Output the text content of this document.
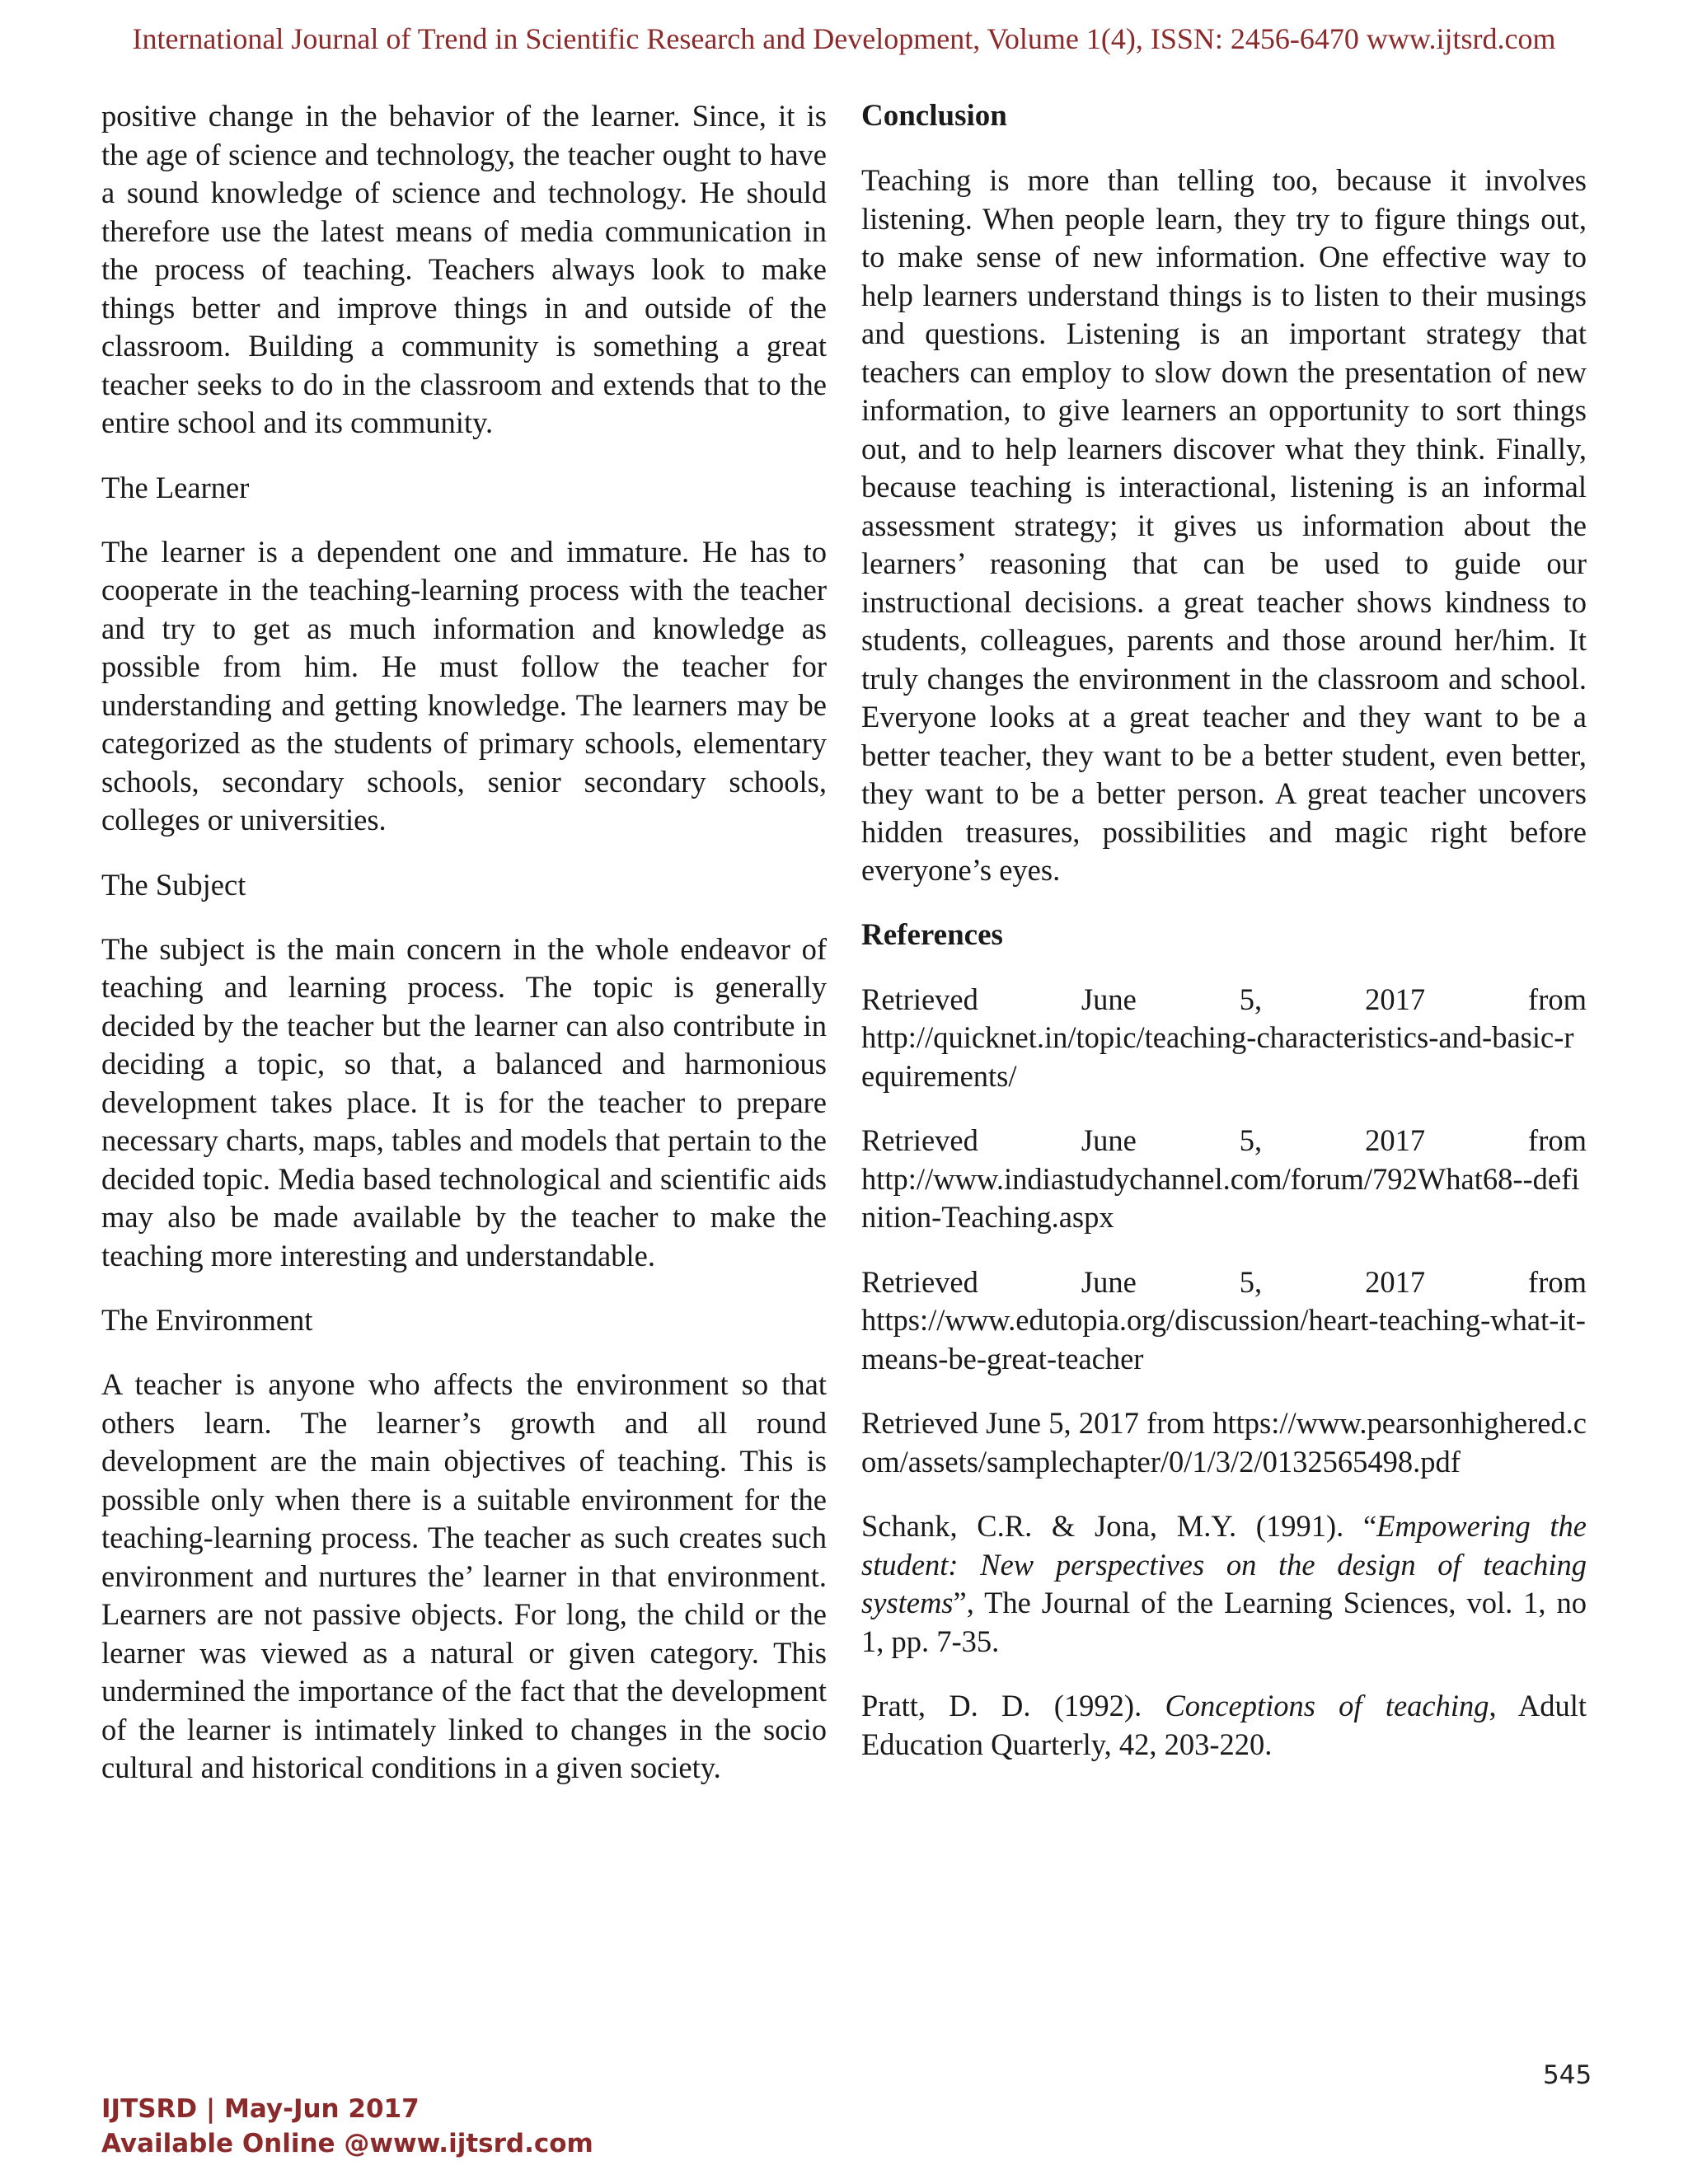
International Journal of Trend in Scientific Research and Development, Volume 1(4), ISSN: 2456-6470 www.ijtsrd.com

positive change in the behavior of the learner. Since, it is the age of science and technology, the teacher ought to have a sound knowledge of science and technology. He should therefore use the latest means of media communication in the process of teaching. Teachers always look to make things better and improve things in and outside of the classroom. Building a community is something a great teacher seeks to do in the classroom and extends that to the entire school and its community.

The Learner

The learner is a dependent one and immature. He has to cooperate in the teaching-learning process with the teacher and try to get as much information and knowledge as possible from him. He must follow the teacher for understanding and getting knowledge. The learners may be categorized as the students of primary schools, elementary schools, secondary schools, senior secondary schools, colleges or universities.

The Subject

The subject is the main concern in the whole endeavor of teaching and learning process. The topic is generally decided by the teacher but the learner can also contribute in deciding a topic, so that, a balanced and harmonious development takes place. It is for the teacher to prepare necessary charts, maps, tables and models that pertain to the decided topic. Media based technological and scientific aids may also be made available by the teacher to make the teaching more interesting and understandable.

The Environment

A teacher is anyone who affects the environment so that others learn. The learner’s growth and all round development are the main objectives of teaching. This is possible only when there is a suitable environment for the teaching-learning process. The teacher as such creates such environment and nurtures the’ learner in that environment. Learners are not passive objects. For long, the child or the learner was viewed as a natural or given category. This undermined the importance of the fact that the development of the learner is intimately linked to changes in the socio cultural and historical conditions in a given society.

Conclusion

Teaching is more than telling too, because it involves listening. When people learn, they try to figure things out, to make sense of new information. One effective way to help learners understand things is to listen to their musings and questions. Listening is an important strategy that teachers can employ to slow down the presentation of new information, to give learners an opportunity to sort things out, and to help learners discover what they think. Finally, because teaching is interactional, listening is an informal assessment strategy; it gives us information about the learners’ reasoning that can be used to guide our instructional decisions. a great teacher shows kindness to students, colleagues, parents and those around her/him. It truly changes the environment in the classroom and school. Everyone looks at a great teacher and they want to be a better teacher, they want to be a better student, even better, they want to be a better person. A great teacher uncovers hidden treasures, possibilities and magic right before everyone’s eyes.

References
Retrieved	June	5,	2017	from
http://quicknet.in/topic/teaching-characteristics-and-basic-requirements/
Retrieved	June	5,	2017	from
http://www.indiastudychannel.com/forum/792What68--definition-Teaching.aspx
Retrieved	June	5,	2017	from
https://www.edutopia.org/discussion/heart-teaching-what-it-means-be-great-teacher
Retrieved June 5, 2017 from https://www.pearsonhighered.com/assets/samplechapter/0/1/3/2/0132565498.pdf
Schank, C.R. & Jona, M.Y. (1991). “Empowering the student: New perspectives on the design of teaching systems”, The Journal of the Learning Sciences, vol. 1, no 1, pp. 7-35.
Pratt, D. D. (1992). Conceptions of teaching, Adult Education Quarterly, 42, 203-220.
545
IJTSRD | May-Jun 2017
Available Online @www.ijtsrd.com
